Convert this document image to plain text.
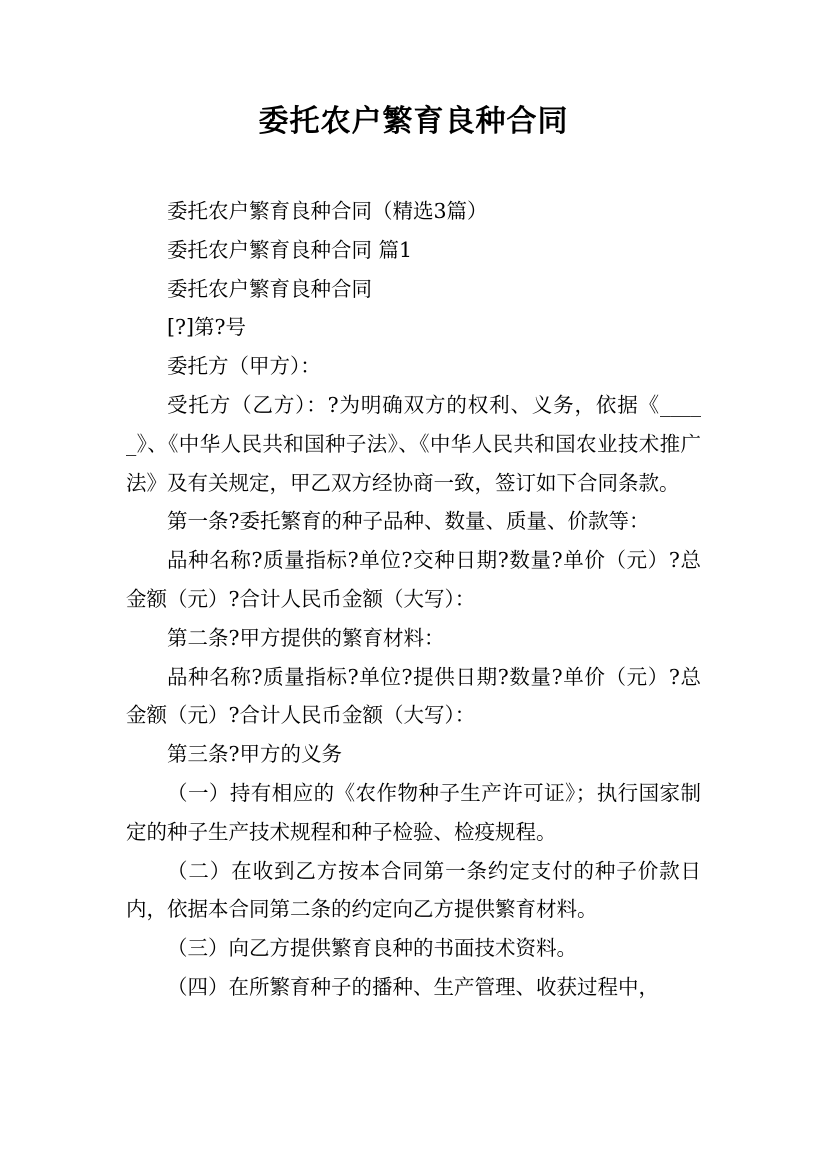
委托农户繁育良种合同

委托农户繁育良种合同（精选3篇）

委托农户繁育良种合同 篇1

委托农户繁育良种合同

[?]第?号

委托方（甲方）：

受托方（乙方）：?为明确双方的权利、义务，依据《_____》、《中华人民共和国种子法》、《中华人民共和国农业技术推广法》及有关规定，甲乙双方经协商一致，签订如下合同条款。

第一条?委托繁育的种子品种、数量、质量、价款等：

品种名称?质量指标?单位?交种日期?数量?单价（元）?总金额（元）?合计人民币金额（大写）：

第二条?甲方提供的繁育材料：

品种名称?质量指标?单位?提供日期?数量?单价（元）?总金额（元）?合计人民币金额（大写）：

第三条?甲方的义务

（一）持有相应的《农作物种子生产许可证》；执行国家制定的种子生产技术规程和种子检验、检疫规程。

（二）在收到乙方按本合同第一条约定支付的种子价款日内，依据本合同第二条的约定向乙方提供繁育材料。

（三）向乙方提供繁育良种的书面技术资料。

（四）在所繁育种子的播种、生产管理、收获过程中，
